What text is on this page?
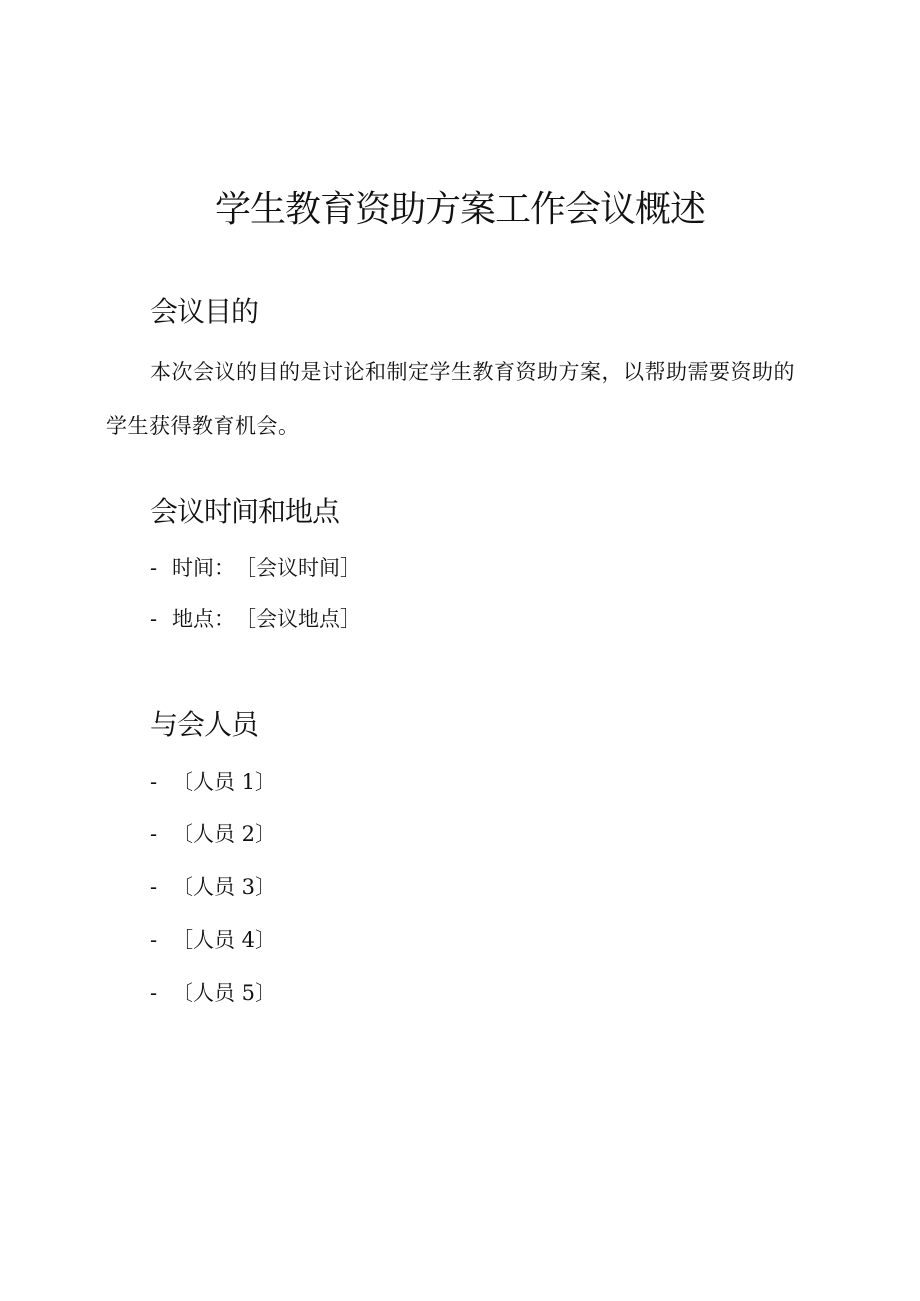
学生教育资助方案工作会议概述
会议目的

本次会议的目的是讨论和制定学生教育资助方案，以帮助需要资助的学生获得教育机会。

会议时间和地点
- 时间：［会议时间］
- 地点：［会议地点］
与会人员
- 〔人员 1〕
- 〔人员 2〕
- 〔人员 3〕
- ［人员 4〕
- 〔人员 5〕
